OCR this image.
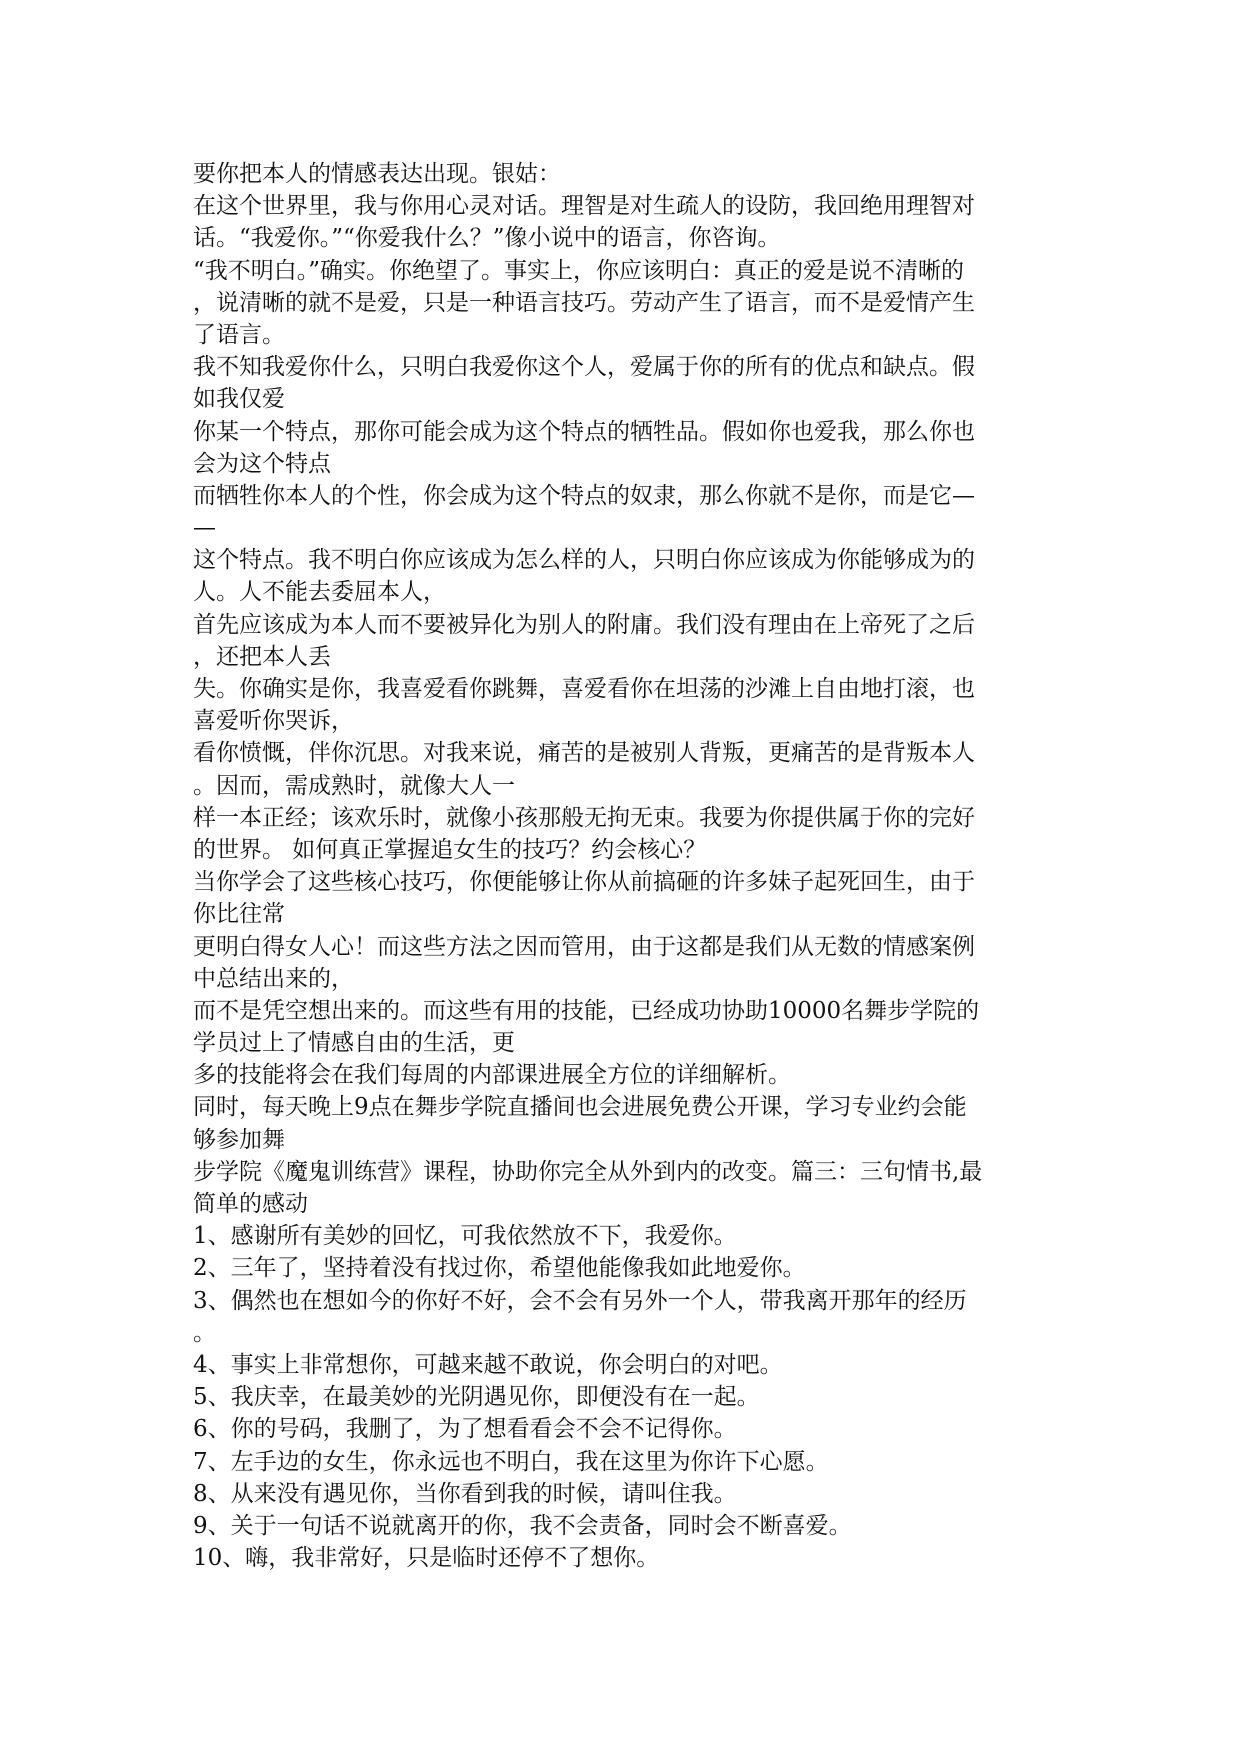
要你把本人的情感表达出现。银姑：
在这个世界里，我与你用心灵对话。理智是对生疏人的设防，我回绝用理智对
话。“我爱你。”“你爱我什么？”像小说中的语言，你咨询。
“我不明白。”确实。你绝望了。事实上，你应该明白：真正的爱是说不清晰的
，说清晰的就不是爱，只是一种语言技巧。劳动产生了语言，而不是爱情产生
了语言。
我不知我爱你什么，只明白我爱你这个人，爱属于你的所有的优点和缺点。假
如我仅爱
你某一个特点，那你可能会成为这个特点的牺牲品。假如你也爱我，那么你也
会为这个特点
而牺牲你本人的个性，你会成为这个特点的奴隶，那么你就不是你，而是它—
—
这个特点。我不明白你应该成为怎么样的人，只明白你应该成为你能够成为的
人。人不能去委屈本人，
首先应该成为本人而不要被异化为别人的附庸。我们没有理由在上帝死了之后
，还把本人丢
失。你确实是你，我喜爱看你跳舞，喜爱看你在坦荡的沙滩上自由地打滚，也
喜爱听你哭诉，
看你愤慨，伴你沉思。对我来说，痛苦的是被别人背叛，更痛苦的是背叛本人
。因而，需成熟时，就像大人一
样一本正经；该欢乐时，就像小孩那般无拘无束。我要为你提供属于你的完好
的世界。 如何真正掌握追女生的技巧？约会核心？
当你学会了这些核心技巧，你便能够让你从前搞砸的许多妹子起死回生，由于
你比往常
更明白得女人心！而这些方法之因而管用，由于这都是我们从无数的情感案例
中总结出来的，
而不是凭空想出来的。而这些有用的技能，已经成功协助10000名舞步学院的
学员过上了情感自由的生活，更
多的技能将会在我们每周的内部课进展全方位的详细解析。
同时，每天晚上9点在舞步学院直播间也会进展免费公开课，学习专业约会能
够参加舞
步学院《魔鬼训练营》课程，协助你完全从外到内的改变。篇三：三句情书,最
简单的感动
1、感谢所有美妙的回忆，可我依然放不下，我爱你。
2、三年了，坚持着没有找过你，希望他能像我如此地爱你。
3、偶然也在想如今的你好不好，会不会有另外一个人，带我离开那年的经历
。
4、事实上非常想你，可越来越不敢说，你会明白的对吧。
5、我庆幸，在最美妙的光阴遇见你，即便没有在一起。
6、你的号码，我删了，为了想看看会不会不记得你。
7、左手边的女生，你永远也不明白，我在这里为你许下心愿。
8、从来没有遇见你，当你看到我的时候，请叫住我。
9、关于一句话不说就离开的你，我不会责备，同时会不断喜爱。
10、嗨，我非常好，只是临时还停不了想你。
